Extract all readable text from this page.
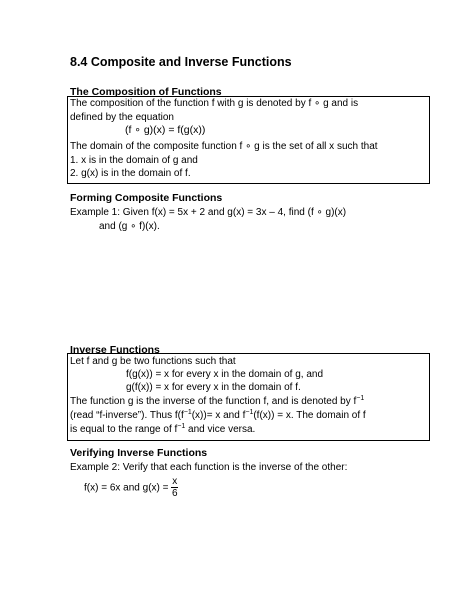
8.4 Composite and Inverse Functions
The Composition of Functions
The composition of the function f with g is denoted by f ∘ g and is
defined by the equation
(f ∘ g)(x) = f(g(x))
The domain of the composite function f ∘ g is the set of all x such that
1. x is in the domain of g and
2. g(x) is in the domain of f.
Forming Composite Functions
Example 1: Given f(x) = 5x + 2 and g(x) = 3x – 4, find (f ∘ g)(x)
and (g ∘ f)(x).
Inverse Functions
Let f and g be two functions such that
f(g(x)) = x for every x in the domain of g, and
g(f(x)) = x for every x in the domain of f.
The function g is the inverse of the function f, and is denoted by $f^{-1}$
(read “f-inverse”). Thus $f(f^{-1}(x))= x$ and $f^{-1}(f(x)) = x$. The domain of f
is equal to the range of $f^{-1}$ and vice versa.
Verifying Inverse Functions
Example 2: Verify that each function is the inverse of the other:
f(x) = 6x and $g(x) = \frac{x}{6}$
